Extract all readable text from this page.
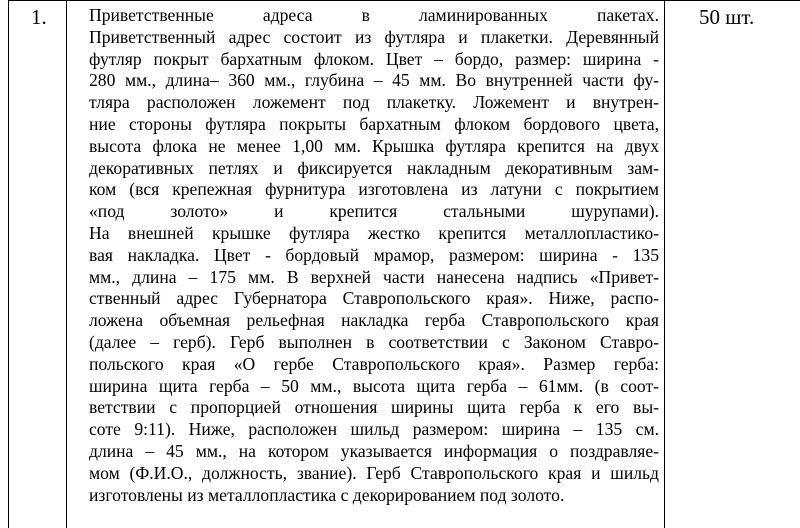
1. Приветственные адреса в ламинированных пакетах.
Приветственный адрес состоит из футляра и плакетки. Деревянный
футляр покрыт бархатным флоком. Цвет – бордо, размер: ширина -
280 мм., длина– 360 мм., глубина – 45 мм. Во внутренней части фу-
тляра расположен ложемент под плакетку. Ложемент и внутрен-
ние стороны футляра покрыты бархатным флоком бордового цвета,
высота флока не менее 1,00 мм. Крышка футляра крепится на двух
декоративных петлях и фиксируется накладным декоративным зам-
ком (вся крепежная фурнитура изготовлена из латуни с покрытием
«под золото» и крепится стальными шурупами).
На внешней крышке футляра жестко крепится металлопластико-
вая накладка. Цвет - бордовый мрамор, размером: ширина - 135
мм., длина – 175 мм. В верхней части нанесена надпись «Привет-
ственный адрес Губернатора Ставропольского края». Ниже, распо-
ложена объемная рельефная накладка герба Ставропольского края
(далее – герб). Герб выполнен в соответствии с Законом Ставро-
польского края «О гербе Ставропольского края». Размер герба:
ширина щита герба – 50 мм., высота щита герба – 61мм. (в соот-
ветствии с пропорцией отношения ширины щита герба к его вы-
соте 9:11). Ниже, расположен шильд размером: ширина – 135 см.
длина – 45 мм., на котором указывается информация о поздравляе-
мом (Ф.И.О., должность, звание). Герб Ставропольского края и шильд
изготовлены из металлопластика с декорированием под золото.
50 шт.
